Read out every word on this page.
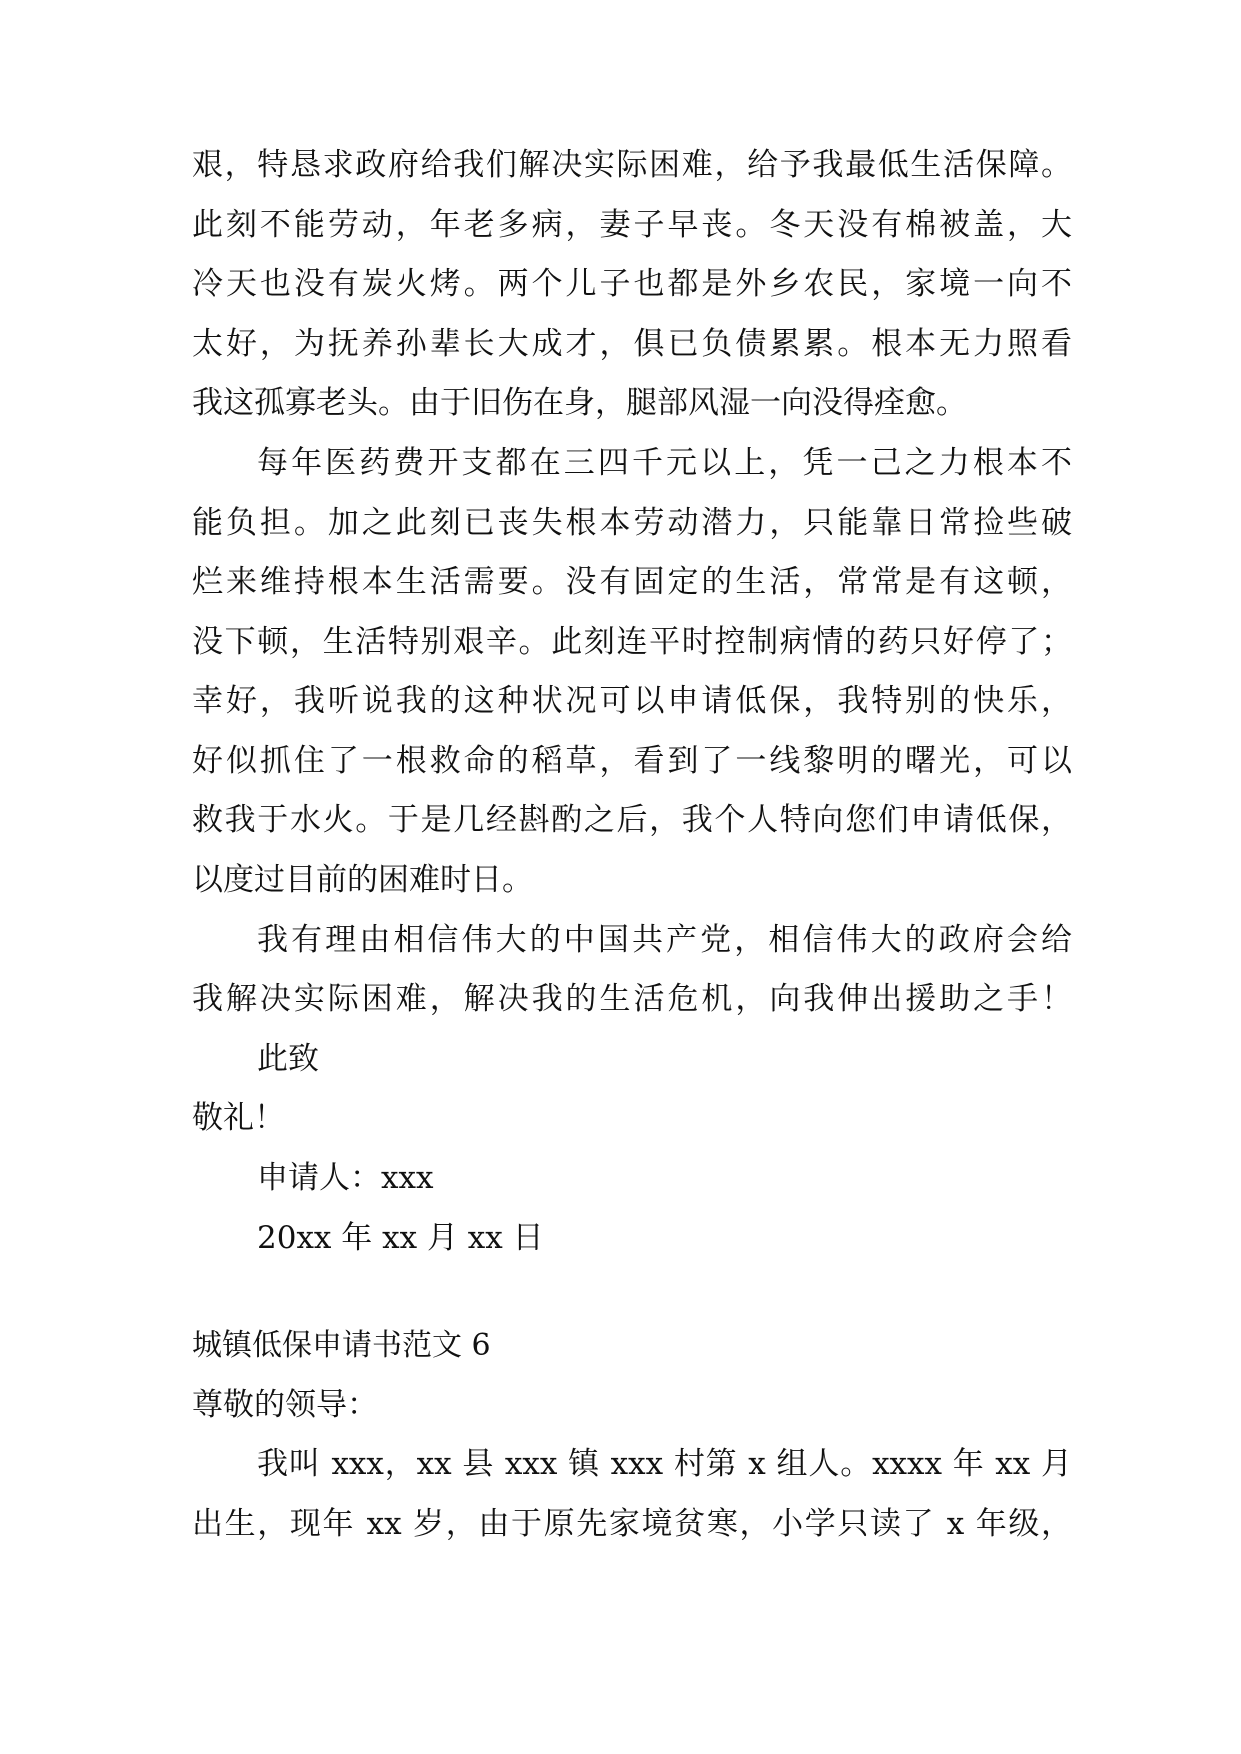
艰，特恳求政府给我们解决实际困难，给予我最低生活保障。
此刻不能劳动，年老多病，妻子早丧。冬天没有棉被盖，大
冷天也没有炭火烤。两个儿子也都是外乡农民，家境一向不
太好，为抚养孙辈长大成才，俱已负债累累。根本无力照看
我这孤寡老头。由于旧伤在身，腿部风湿一向没得痊愈。
每年医药费开支都在三四千元以上，凭一己之力根本不
能负担。加之此刻已丧失根本劳动潜力，只能靠日常捡些破
烂来维持根本生活需要。没有固定的生活，常常是有这顿，
没下顿，生活特别艰辛。此刻连平时控制病情的药只好停了；
幸好，我听说我的这种状况可以申请低保，我特别的快乐，
好似抓住了一根救命的稻草，看到了一线黎明的曙光，可以
救我于水火。于是几经斟酌之后，我个人特向您们申请低保，
以度过目前的困难时日。
我有理由相信伟大的中国共产党，相信伟大的政府会给
我解决实际困难，解决我的生活危机，向我伸出援助之手！
此致
敬礼！
申请人：xxx
20xx 年 xx 月 xx 日
城镇低保申请书范文 6
尊敬的领导：
我叫 xxx，xx 县 xxx 镇 xxx 村第 x 组人。xxxx 年 xx 月
出生，现年 xx 岁，由于原先家境贫寒，小学只读了 x 年级，
